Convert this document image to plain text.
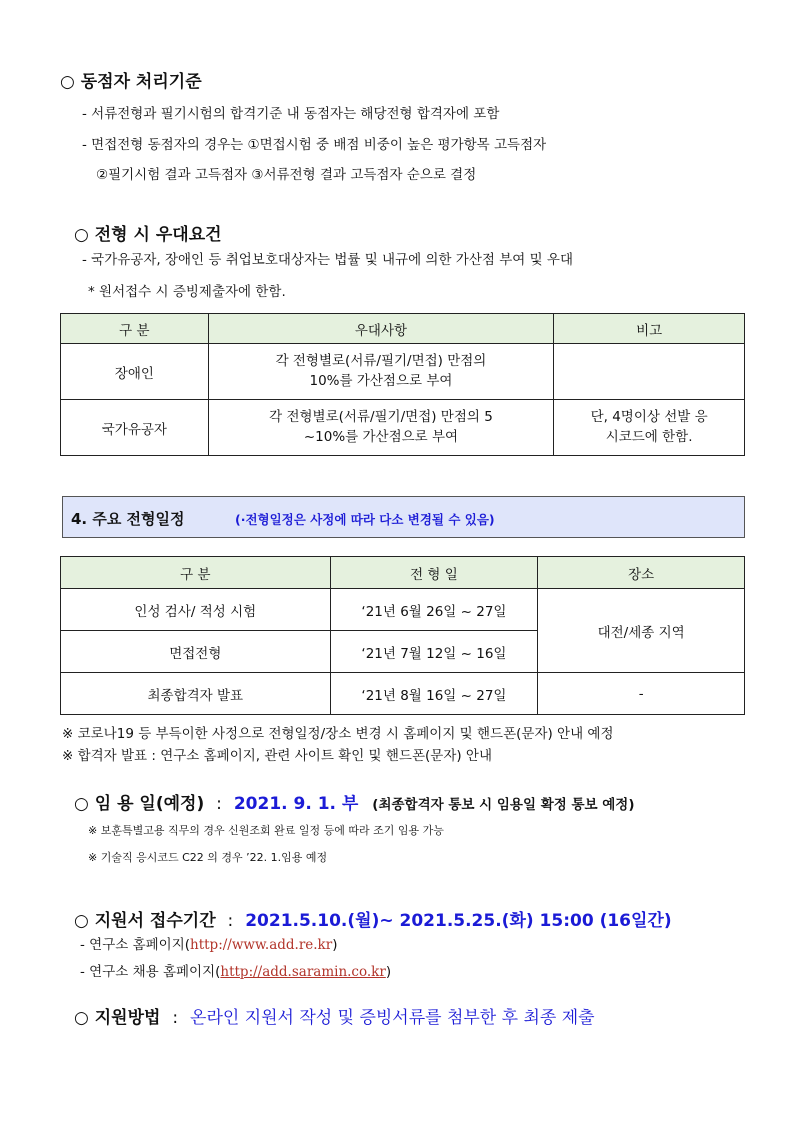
○ 동점자 처리기준
- 서류전형과 필기시험의 합격기준 내 동점자는 해당전형 합격자에 포함
- 면접전형 동점자의 경우는 ①면접시험 중 배점 비중이 높은 평가항목 고득점자
②필기시험 결과 고득점자 ③서류전형 결과 고득점자 순으로 결정
○ 전형 시 우대요건
- 국가유공자, 장애인 등 취업보호대상자는 법률 및 내규에 의한 가산점 부여 및 우대
* 원서접수 시 증빙제출자에 한함.
구 분	우대사항	비고
장애인	각 전형별로(서류/필기/면접) 만점의 10%를 가산점으로 부여	
국가유공자	각 전형별로(서류/필기/면접) 만점의 5 ~10%를 가산점으로 부여	단, 4명이상 선발 응시코드에 한함.
4. 주요 전형일정	(·전형일정은 사정에 따라 다소 변경될 수 있음)
구 분	전 형 일	장소
인성 검사/ 적성 시험	‘21년 6월 26일 ~ 27일	대전/세종 지역
면접전형	‘21년 7월 12일 ~ 16일	
최종합격자 발표	‘21년 8월 16일 ~ 27일	-
※ 코로나19 등 부득이한 사정으로 전형일정/장소 변경 시 홈페이지 및 핸드폰(문자) 안내 예정
※ 합격자 발표 : 연구소 홈페이지, 관련 사이트 확인 및 핸드폰(문자) 안내
○ 임 용 일(예정) : 2021. 9. 1. 부 (최종합격자 통보 시 임용일 확정 통보 예정)
※ 보훈특별고용 직무의 경우 신원조회 완료 일정 등에 따라 조기 임용 가능
※ 기술직 응시코드 C22 의 경우 ’22. 1.임용 예정
○ 지원서 접수기간 : 2021.5.10.(월)~ 2021.5.25.(화) 15:00 (16일간)
- 연구소 홈페이지(http://www.add.re.kr)
- 연구소 채용 홈페이지(http://add.saramin.co.kr)
○ 지원방법 : 온라인 지원서 작성 및 증빙서류를 첨부한 후 최종 제출
